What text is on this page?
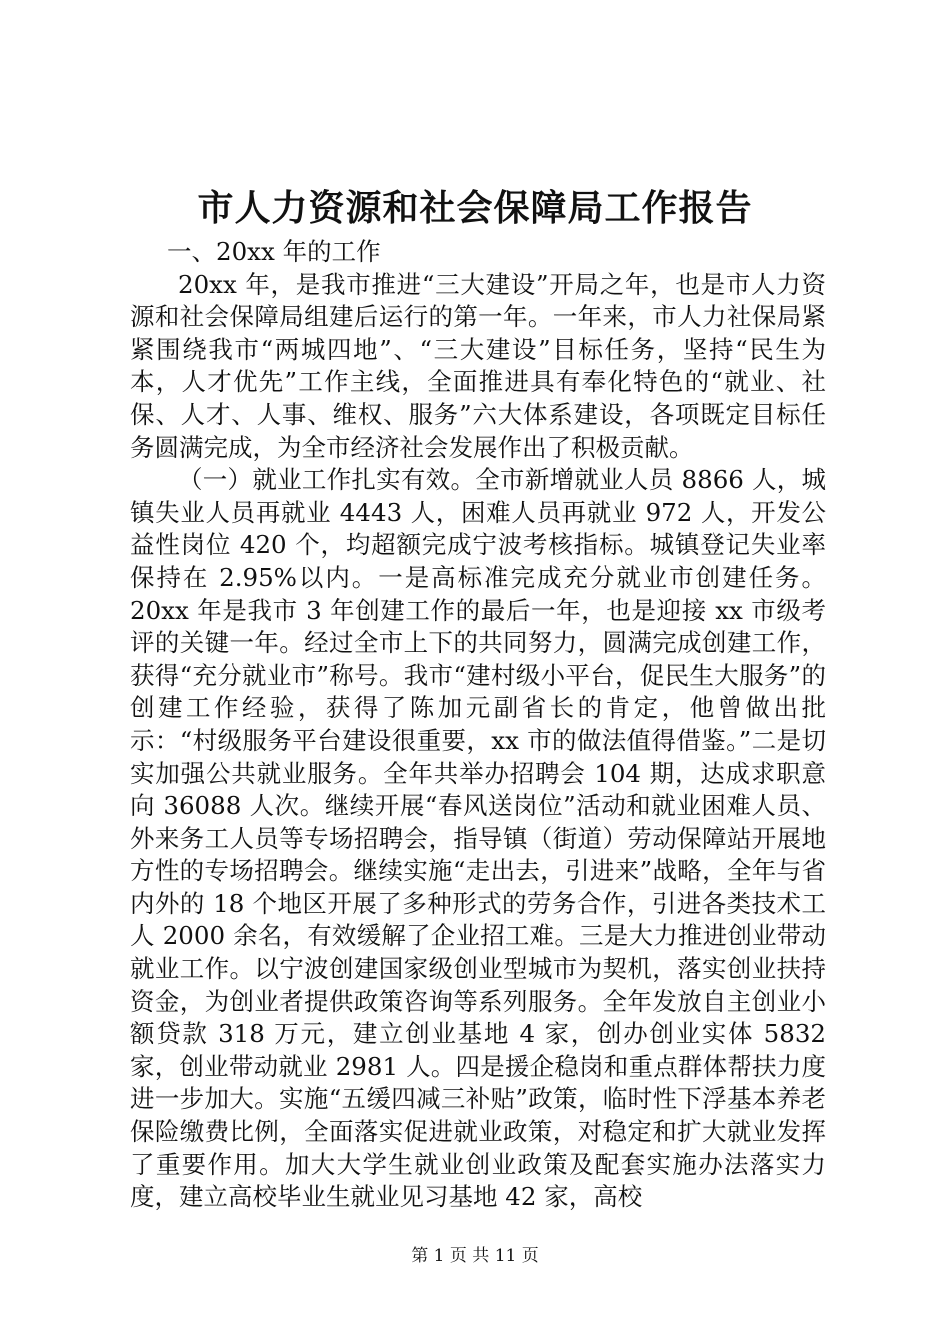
市人力资源和社会保障局工作报告

一、20xx 年的工作

20xx 年，是我市推进“三大建设”开局之年，也是市人力资源和社会保障局组建后运行的第一年。一年来，市人力社保局紧紧围绕我市“两城四地”、“三大建设”目标任务，坚持“民生为本，人才优先”工作主线，全面推进具有奉化特色的“就业、社保、人才、人事、维权、服务”六大体系建设，各项既定目标任务圆满完成，为全市经济社会发展作出了积极贡献。

（一）就业工作扎实有效。全市新增就业人员 8866 人，城镇失业人员再就业 4443 人，困难人员再就业 972 人，开发公益性岗位 420 个，均超额完成宁波考核指标。城镇登记失业率保持在 2.95%以内。一是高标准完成充分就业市创建任务。20xx 年是我市 3 年创建工作的最后一年，也是迎接 xx 市级考评的关键一年。经过全市上下的共同努力，圆满完成创建工作，获得“充分就业市”称号。我市“建村级小平台，促民生大服务”的创建工作经验，获得了陈加元副省长的肯定，他曾做出批示：“村级服务平台建设很重要，xx 市的做法值得借鉴。”二是切实加强公共就业服务。全年共举办招聘会 104 期，达成求职意向 36088 人次。继续开展“春风送岗位”活动和就业困难人员、外来务工人员等专场招聘会，指导镇（街道）劳动保障站开展地方性的专场招聘会。继续实施“走出去，引进来”战略，全年与省内外的 18 个地区开展了多种形式的劳务合作，引进各类技术工人 2000 余名，有效缓解了企业招工难。三是大力推进创业带动就业工作。以宁波创建国家级创业型城市为契机，落实创业扶持资金，为创业者提供政策咨询等系列服务。全年发放自主创业小额贷款 318 万元，建立创业基地 4 家，创办创业实体 5832 家，创业带动就业 2981 人。四是援企稳岗和重点群体帮扶力度进一步加大。实施“五缓四减三补贴”政策，临时性下浮基本养老保险缴费比例，全面落实促进就业政策，对稳定和扩大就业发挥了重要作用。加大大学生就业创业政策及配套实施办法落实力度，建立高校毕业生就业见习基地 42 家，高校

第 1 页 共 11 页
